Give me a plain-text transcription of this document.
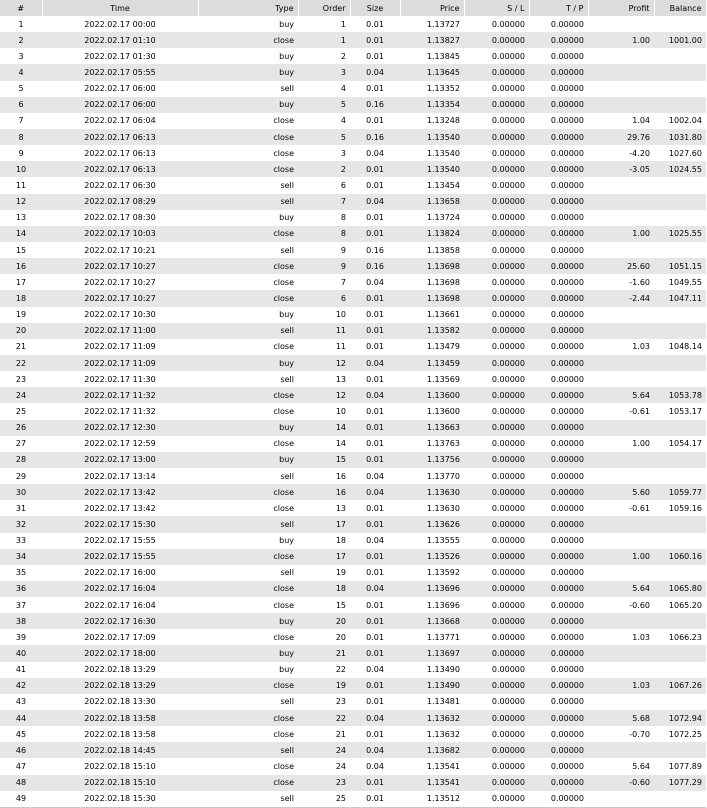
#	Time	Type	Order	Size	Price	S / L	T / P	Profit	Balance
1	2022.02.17 00:00	buy	1	0.01	1.13727	0.00000	0.00000		
2	2022.02.17 01:10	close	1	0.01	1.13827	0.00000	0.00000	1.00	1001.00
3	2022.02.17 01:30	buy	2	0.01	1.13845	0.00000	0.00000		
4	2022.02.17 05:55	buy	3	0.04	1.13645	0.00000	0.00000		
5	2022.02.17 06:00	sell	4	0.01	1.13352	0.00000	0.00000		
6	2022.02.17 06:00	buy	5	0.16	1.13354	0.00000	0.00000		
7	2022.02.17 06:04	close	4	0.01	1.13248	0.00000	0.00000	1.04	1002.04
8	2022.02.17 06:13	close	5	0.16	1.13540	0.00000	0.00000	29.76	1031.80
9	2022.02.17 06:13	close	3	0.04	1.13540	0.00000	0.00000	-4.20	1027.60
10	2022.02.17 06:13	close	2	0.01	1.13540	0.00000	0.00000	-3.05	1024.55
11	2022.02.17 06:30	sell	6	0.01	1.13454	0.00000	0.00000		
12	2022.02.17 08:29	sell	7	0.04	1.13658	0.00000	0.00000		
13	2022.02.17 08:30	buy	8	0.01	1.13724	0.00000	0.00000		
14	2022.02.17 10:03	close	8	0.01	1.13824	0.00000	0.00000	1.00	1025.55
15	2022.02.17 10:21	sell	9	0.16	1.13858	0.00000	0.00000		
16	2022.02.17 10:27	close	9	0.16	1.13698	0.00000	0.00000	25.60	1051.15
17	2022.02.17 10:27	close	7	0.04	1.13698	0.00000	0.00000	-1.60	1049.55
18	2022.02.17 10:27	close	6	0.01	1.13698	0.00000	0.00000	-2.44	1047.11
19	2022.02.17 10:30	buy	10	0.01	1.13661	0.00000	0.00000		
20	2022.02.17 11:00	sell	11	0.01	1.13582	0.00000	0.00000		
21	2022.02.17 11:09	close	11	0.01	1.13479	0.00000	0.00000	1.03	1048.14
22	2022.02.17 11:09	buy	12	0.04	1.13459	0.00000	0.00000		
23	2022.02.17 11:30	sell	13	0.01	1.13569	0.00000	0.00000		
24	2022.02.17 11:32	close	12	0.04	1.13600	0.00000	0.00000	5.64	1053.78
25	2022.02.17 11:32	close	10	0.01	1.13600	0.00000	0.00000	-0.61	1053.17
26	2022.02.17 12:30	buy	14	0.01	1.13663	0.00000	0.00000		
27	2022.02.17 12:59	close	14	0.01	1.13763	0.00000	0.00000	1.00	1054.17
28	2022.02.17 13:00	buy	15	0.01	1.13756	0.00000	0.00000		
29	2022.02.17 13:14	sell	16	0.04	1.13770	0.00000	0.00000		
30	2022.02.17 13:42	close	16	0.04	1.13630	0.00000	0.00000	5.60	1059.77
31	2022.02.17 13:42	close	13	0.01	1.13630	0.00000	0.00000	-0.61	1059.16
32	2022.02.17 15:30	sell	17	0.01	1.13626	0.00000	0.00000		
33	2022.02.17 15:55	buy	18	0.04	1.13555	0.00000	0.00000		
34	2022.02.17 15:55	close	17	0.01	1.13526	0.00000	0.00000	1.00	1060.16
35	2022.02.17 16:00	sell	19	0.01	1.13592	0.00000	0.00000		
36	2022.02.17 16:04	close	18	0.04	1.13696	0.00000	0.00000	5.64	1065.80
37	2022.02.17 16:04	close	15	0.01	1.13696	0.00000	0.00000	-0.60	1065.20
38	2022.02.17 16:30	buy	20	0.01	1.13668	0.00000	0.00000		
39	2022.02.17 17:09	close	20	0.01	1.13771	0.00000	0.00000	1.03	1066.23
40	2022.02.17 18:00	buy	21	0.01	1.13697	0.00000	0.00000		
41	2022.02.18 13:29	buy	22	0.04	1.13490	0.00000	0.00000		
42	2022.02.18 13:29	close	19	0.01	1.13490	0.00000	0.00000	1.03	1067.26
43	2022.02.18 13:30	sell	23	0.01	1.13481	0.00000	0.00000		
44	2022.02.18 13:58	close	22	0.04	1.13632	0.00000	0.00000	5.68	1072.94
45	2022.02.18 13:58	close	21	0.01	1.13632	0.00000	0.00000	-0.70	1072.25
46	2022.02.18 14:45	sell	24	0.04	1.13682	0.00000	0.00000		
47	2022.02.18 15:10	close	24	0.04	1.13541	0.00000	0.00000	5.64	1077.89
48	2022.02.18 15:10	close	23	0.01	1.13541	0.00000	0.00000	-0.60	1077.29
49	2022.02.18 15:30	sell	25	0.01	1.13512	0.00000	0.00000		
